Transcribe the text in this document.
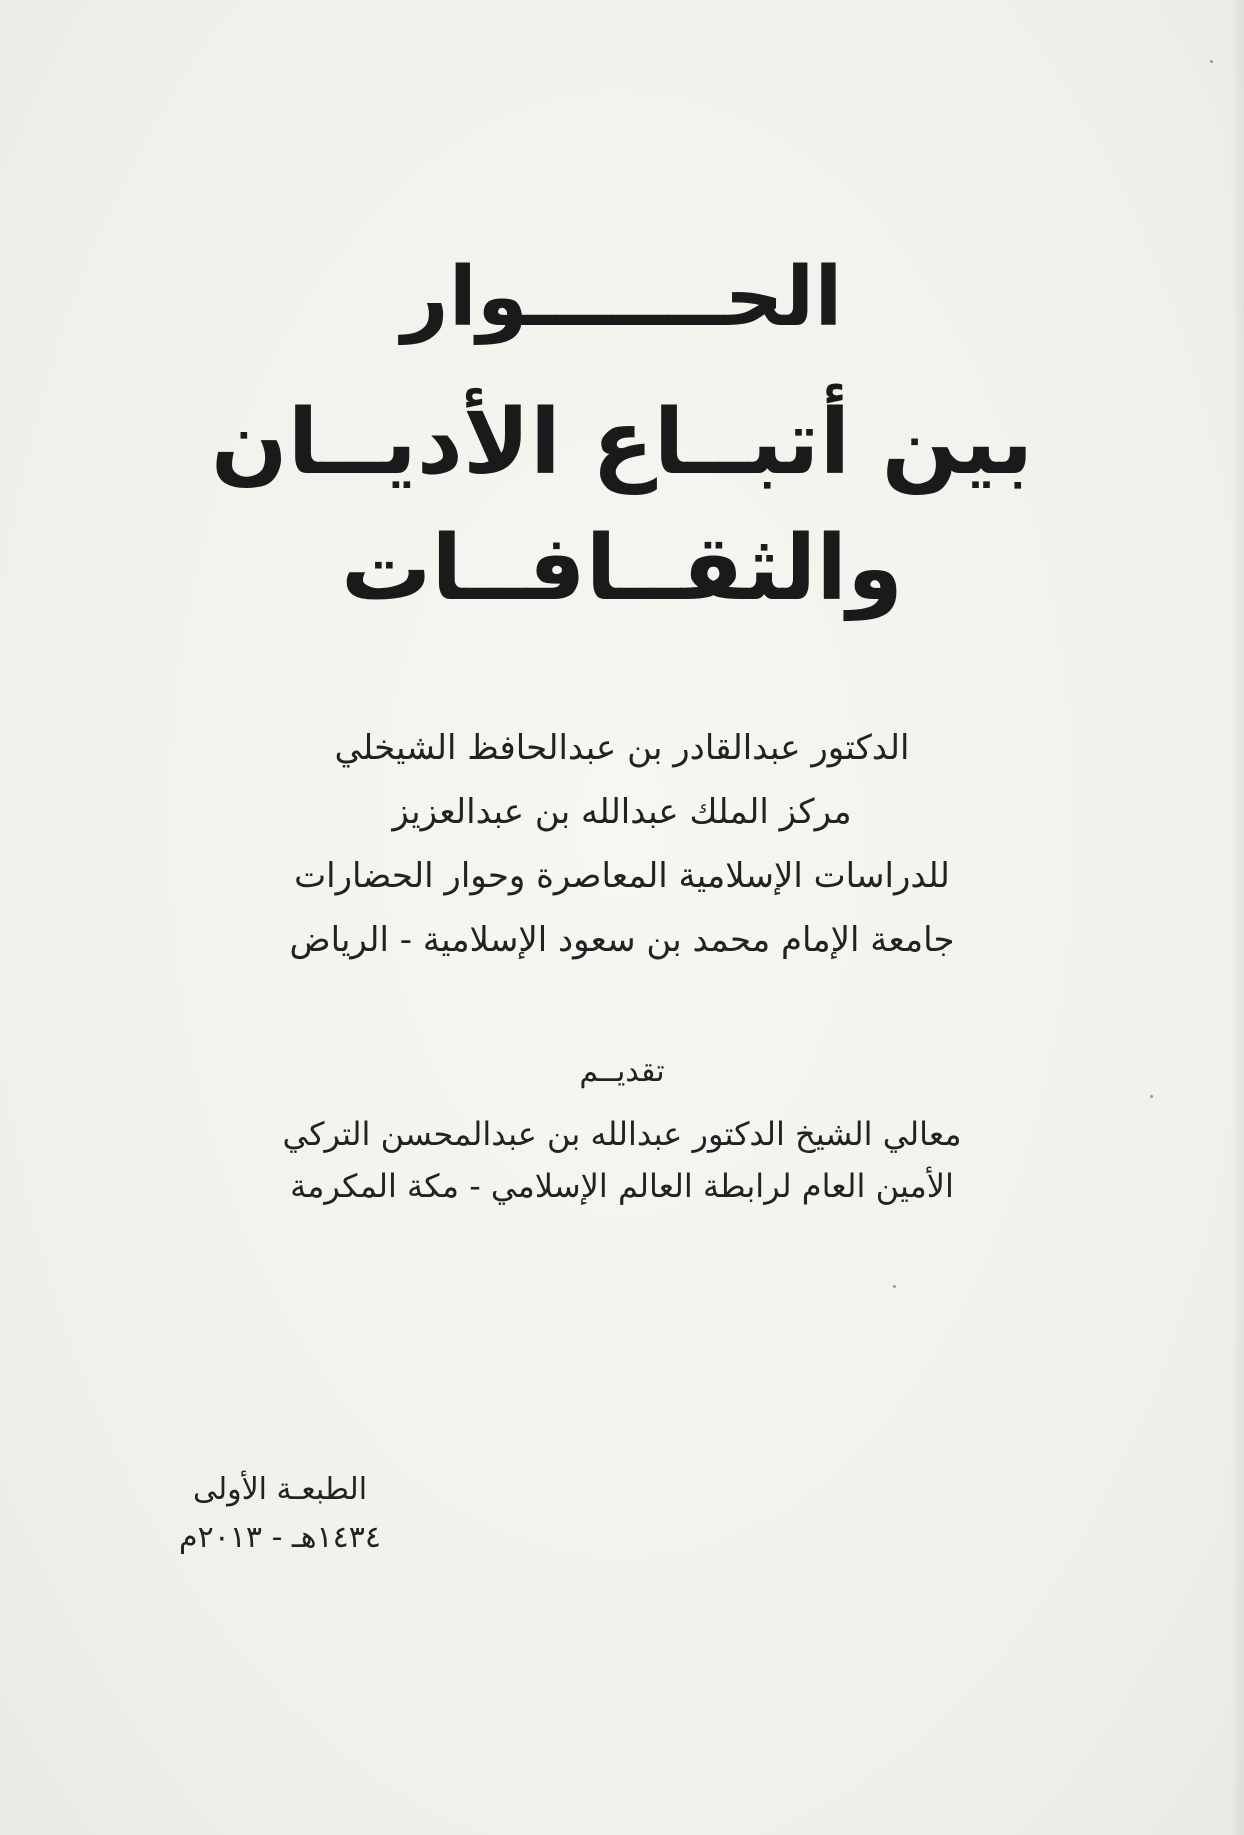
الحـــــــوار
بين أتبــاع الأديــان
والثقــافــات
الدكتور عبدالقادر بن عبدالحافظ الشيخلي
مركز الملك عبدالله بن عبدالعزيز
للدراسات الإسلامية المعاصرة وحوار الحضارات
جامعة الإمام محمد بن سعود الإسلامية - الرياض
تقديــم
معالي الشيخ الدكتور عبدالله بن عبدالمحسن التركي
الأمين العام لرابطة العالم الإسلامي - مكة المكرمة
الطبعـة الأولى
١٤٣٤هـ - ٢٠١٣م
